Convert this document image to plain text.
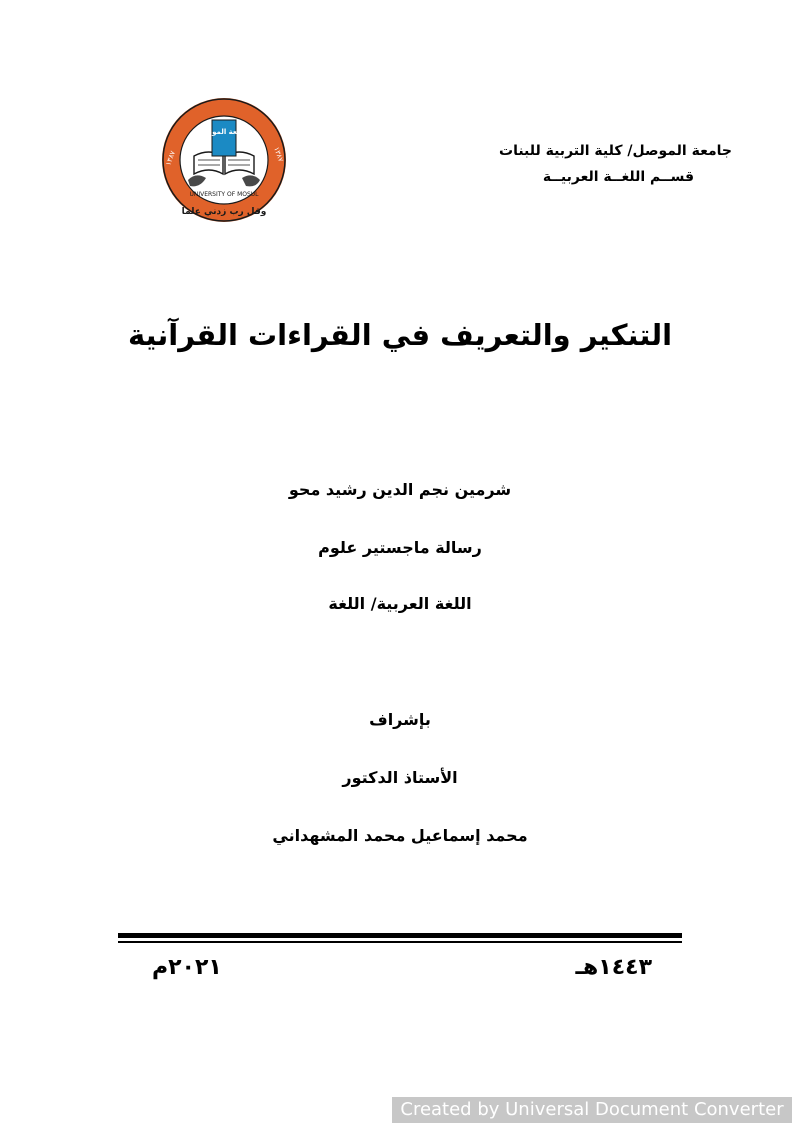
جامعة الموصل/ كلية التربية للبنات
قســم اللغــة العربيــة
جامعة الموصل
UNIVERSITY OF MOSUL
١٣٨٧	١٣٨٧
وقل رب زدني علما
التنكير والتعريف في القراءات القرآنية
شرمين نجم الدين رشيد محو
رسالة ماجستير علوم
اللغة العربية/ اللغة
بإشراف
الأستاذ الدكتور
محمد إسماعيل محمد المشهداني
١٤٤٣هـ
٢٠٢١م
Created by Universal Document Converter
